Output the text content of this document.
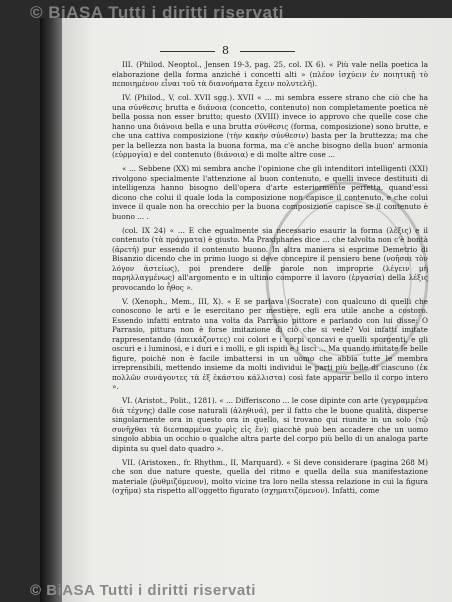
© BiASA Tutti i diritti riservati
8

III. (Philod. Neoptol., Jensen 19-3, pag. 25, col. IX 6). « Più vale nella poetica la elaborazione della forma anziché i concetti alti » (πλέον ἰσχύειν ἐν ποιητικῇ τὸ πεποιημένον εἶναι τοῦ τὰ διανοήματα ἔχειν πολυτελῆ).

IV. (Philod., V, col. XVII sgg.). XVII « ... mi sembra essere strano che ciò che ha una σύνθεσις brutta e διάνοια (concetto, contenuto) non completamente poetica nè bella possa non esser brutto; questo (XVIII) invece io approvo che quelle cose che hanno una διάνοια bella e una brutta σύνθεσις (forma, composizione) sono brutte, e che una cattiva composizione (τὴν κακὴν σύνθεσιν) basta per la bruttezza; ma che per la bellezza non basta la buona forma, ma c'è anche bisogno della buon' armonia (εὐρμογία) e del contenuto (διάνοια) e di molte altre cose ...

« ... Sebbene (XX) mi sembra anche l'opinione che gli intenditori intelligenti (XXI) rivolgono specialmente l'attenzione al buon contenuto, e quelli invece destituiti di intelligenza hanno bisogno dell'opera d'arte esteriormente perfetta, quand'essi dicono che colui il quale loda la composizione non capisce il contenuto, e che colui invece il quale non ha orecchio per la buona composizione capisce se il contenuto è buono ... .

(col. IX 24) « ... E che egualmente sia necessario esaurir la forma (λέξις) e il contenuto (τὰ πράγματα) è giusto. Ma Praxiphanes dice ... che talvolta non c'è bontà (ἀρετή) pur essendo il contenuto buono. In altra maniera si esprime Demetrio di Bisanzio dicendo che in primo luogo si deve concepire il pensiero bene (νοῆσαι τὸν λόγον ἀστείως), poi prendere delle parole non improprie (λέγειν μὴ παρηλλαγμένως) all'argomento e in ultimo comporre il lavoro (ἐργασία) della λέξις provocando lo ἦθος ».

V. (Xenoph., Mem., III, X). « E se parlava (Socrate) con qualcuno di quelli che conoscono le arti e le esercitano per mestiere, egli era utile anche a costoro. Essendo infatti entrato una volta da Parrasio pittore e parlando con lui disse: O Parrasio, pittura non è forse imitazione di ciò che si vede? Voi infatti imitate rappresentando (ἀπεικάζοντες) coi colori e i corpi concavi e quelli sporgenti, e gli oscuri e i luminosi, e i duri e i molli, e gli ispidi e i lisci ... Ma quando imitate le belle figure, poichè non è facile imbattersi in un uomo che abbia tutte le membra irreprensibili, mettendo insieme da molti individui le parti più belle di ciascuno (ἐκ πολλῶν συνάγοντες τὰ ἐξ ἑκάστου κάλλιστα) così fate apparir bello il corpo intero ».

VI. (Aristot., Polit., 1281). « ... Differiscono ... le cose dipinte con arte (γεγραμμένα διὰ τέχνης) dalle cose naturali (ἀληθινά), per il fatto che le buone qualità, disperse singolarmente ora in questo ora in quello, si trovano qui riunite in un solo (τῷ συνῆχθαι τὰ διεσπαρμένα χωρὶς εἰς ἕν); giacchè può ben accadere che un uomo singolo abbia un occhio o qualche altra parte del corpo più bello di un analoga parte dipinta su quel dato quadro ».

VII. (Aristoxen., fr. Rhythm., II, Marquard). « Si deve considerare (pagina 268 M) che son due nature queste, quella del ritmo e quella della sua manifestazione materiale (ῥυθμιζόμενον), molto vicine tra loro nella stessa relazione in cui la figura (σχῆμα) sta rispetto all'oggetto figurato (σχηματιζόμενον). Infatti, come

© BiASA Tutti i diritti riservati
